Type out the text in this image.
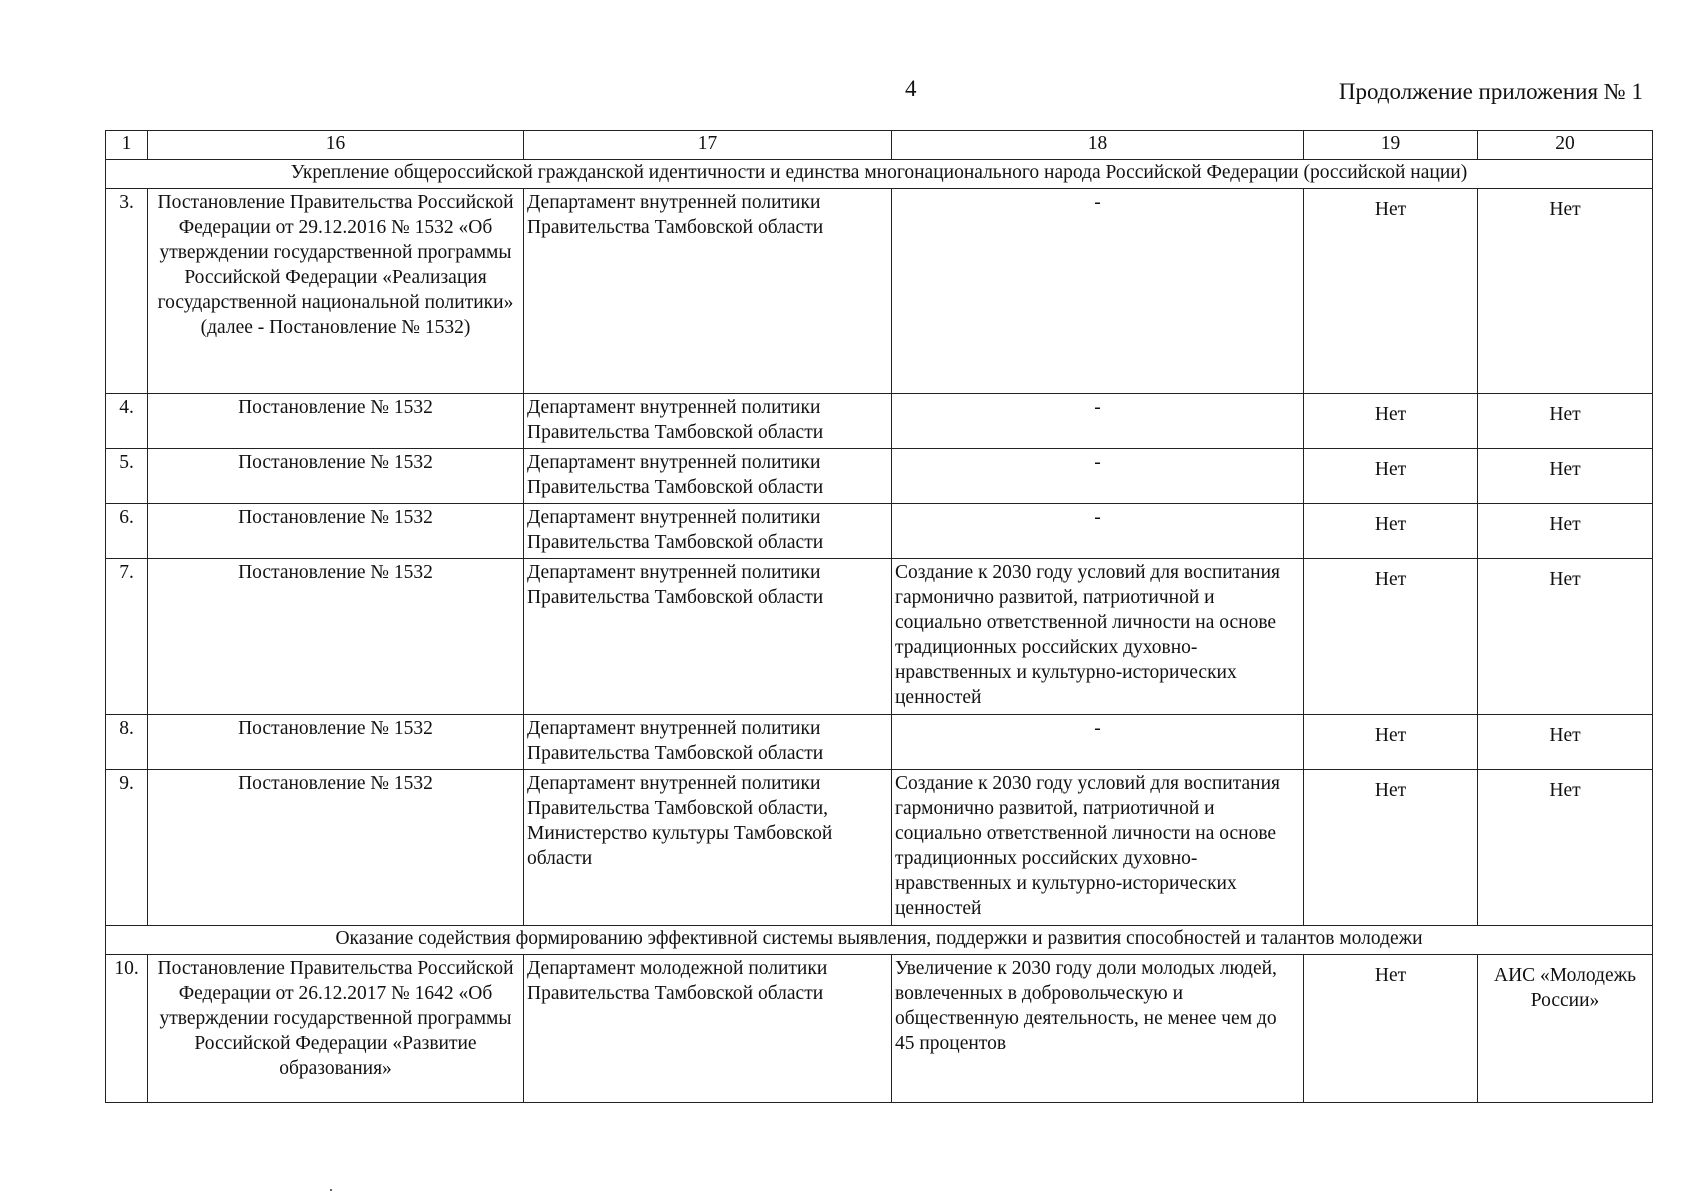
4	Продолжение приложения № 1
1	16	17	18	19	20
Укрепление общероссийской гражданской идентичности и единства многонационального народа Российской Федерации (российской нации)					
3.	Постановление Правительства Российской Федерации от 29.12.2016 № 1532 «Об утверждении государственной программы Российской Федерации «Реализация государственной национальной политики» (далее - Постановление № 1532)	Департамент внутренней политики Правительства Тамбовской области	-	Нет	Нет
4.	Постановление № 1532	Департамент внутренней политики Правительства Тамбовской области	-	Нет	Нет
5.	Постановление № 1532	Департамент внутренней политики Правительства Тамбовской области	-	Нет	Нет
6.	Постановление № 1532	Департамент внутренней политики Правительства Тамбовской области	-	Нет	Нет
7.	Постановление № 1532	Департамент внутренней политики Правительства Тамбовской области	Создание к 2030 году условий для воспитания гармонично развитой, патриотичной и социально ответственной личности на основе традиционных российских духовно-нравственных и культурно-исторических ценностей	Нет	Нет
8.	Постановление № 1532	Департамент внутренней политики Правительства Тамбовской области	-	Нет	Нет
9.	Постановление № 1532	Департамент внутренней политики Правительства Тамбовской области, Министерство культуры Тамбовской области	Создание к 2030 году условий для воспитания гармонично развитой, патриотичной и социально ответственной личности на основе традиционных российских духовно-нравственных и культурно-исторических ценностей	Нет	Нет
Оказание содействия формированию эффективной системы выявления, поддержки и развития способностей и талантов молодежи					
10.	Постановление Правительства Российской Федерации от 26.12.2017 № 1642 «Об утверждении государственной программы Российской Федерации «Развитие образования»	Департамент молодежной политики Правительства Тамбовской области	Увеличение к 2030 году доли молодых людей, вовлеченных в добровольческую и общественную деятельность, не менее чем до 45 процентов	Нет	АИС «Молодежь России»
